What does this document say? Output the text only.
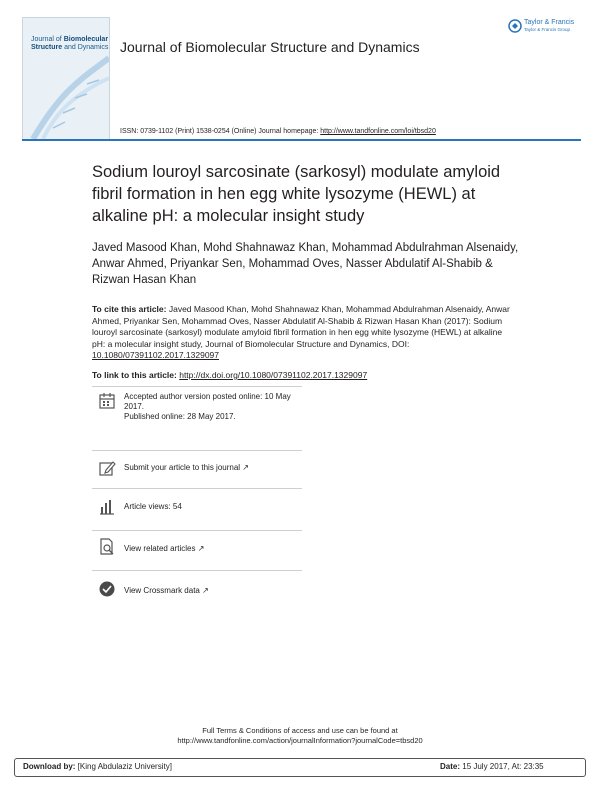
Journal of Biomolecular
Structure and Dynamics Journal of Biomolecular Structure and Dynamics
Taylor & Francis
Taylor & Francis Group
ISSN: 0739-1102 (Print) 1538-0254 (Online) Journal homepage: http://www.tandfonline.com/loi/tbsd20
Sodium louroyl sarcosinate (sarkosyl) modulate amyloid fibril formation in hen egg white lysozyme (HEWL) at alkaline pH: a molecular insight study
Javed Masood Khan, Mohd Shahnawaz Khan, Mohammad Abdulrahman Alsenaidy, Anwar Ahmed, Priyankar Sen, Mohammad Oves, Nasser Abdulatif Al-Shabib & Rizwan Hasan Khan
To cite this article: Javed Masood Khan, Mohd Shahnawaz Khan, Mohammad Abdulrahman Alsenaidy, Anwar Ahmed, Priyankar Sen, Mohammad Oves, Nasser Abdulatif Al-Shabib & Rizwan Hasan Khan (2017): Sodium louroyl sarcosinate (sarkosyl) modulate amyloid fibril formation in hen egg white lysozyme (HEWL) at alkaline pH: a molecular insight study, Journal of Biomolecular Structure and Dynamics, DOI: 10.1080/07391102.2017.1329097
To link to this article: http://dx.doi.org/10.1080/07391102.2017.1329097
Accepted author version posted online: 10 May 2017.
Published online: 28 May 2017.
Submit your article to this journal ↗
Article views: 54
View related articles ↗
View Crossmark data ↗
Full Terms & Conditions of access and use can be found at
http://www.tandfonline.com/action/journalInformation?journalCode=tbsd20
Download by: [King Abdulaziz University]	Date: 15 July 2017, At: 23:35
